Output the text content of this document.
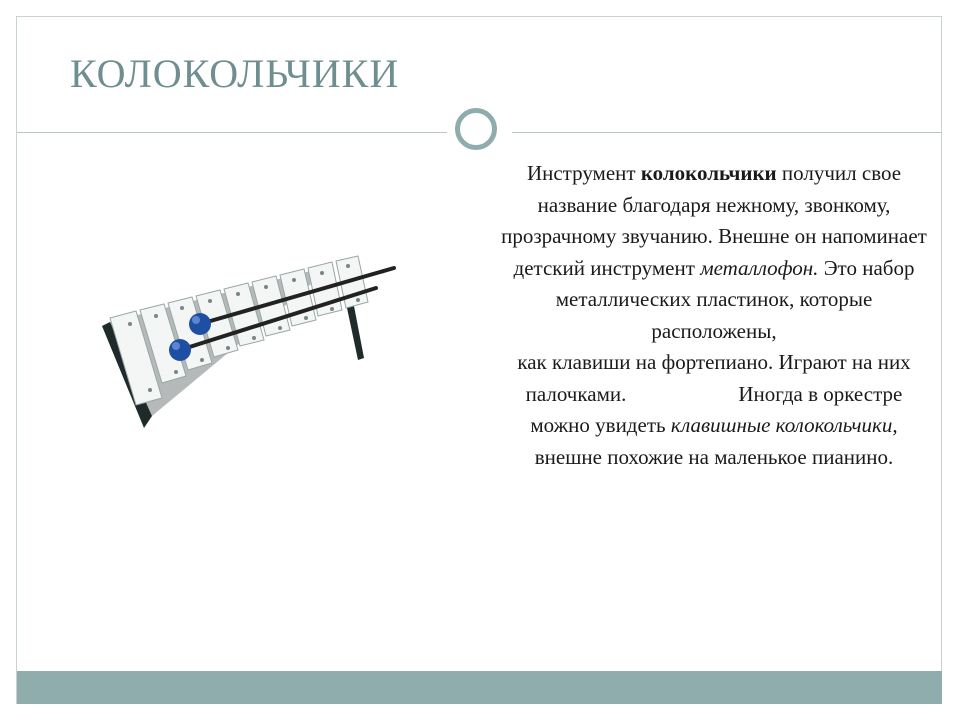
КОЛОКОЛЬЧИКИ

Инструмент колокольчики получил свое название благодаря нежному, звонкому, прозрачному звучанию. Внешне он напоминает детский инструмент металлофон. Это набор металлических пластинок, которые расположены,
как клавиши на фортепиано. Играют на них палочками.	Иногда в оркестре можно увидеть клавишные колокольчики,
внешне похожие на маленькое пианино.
